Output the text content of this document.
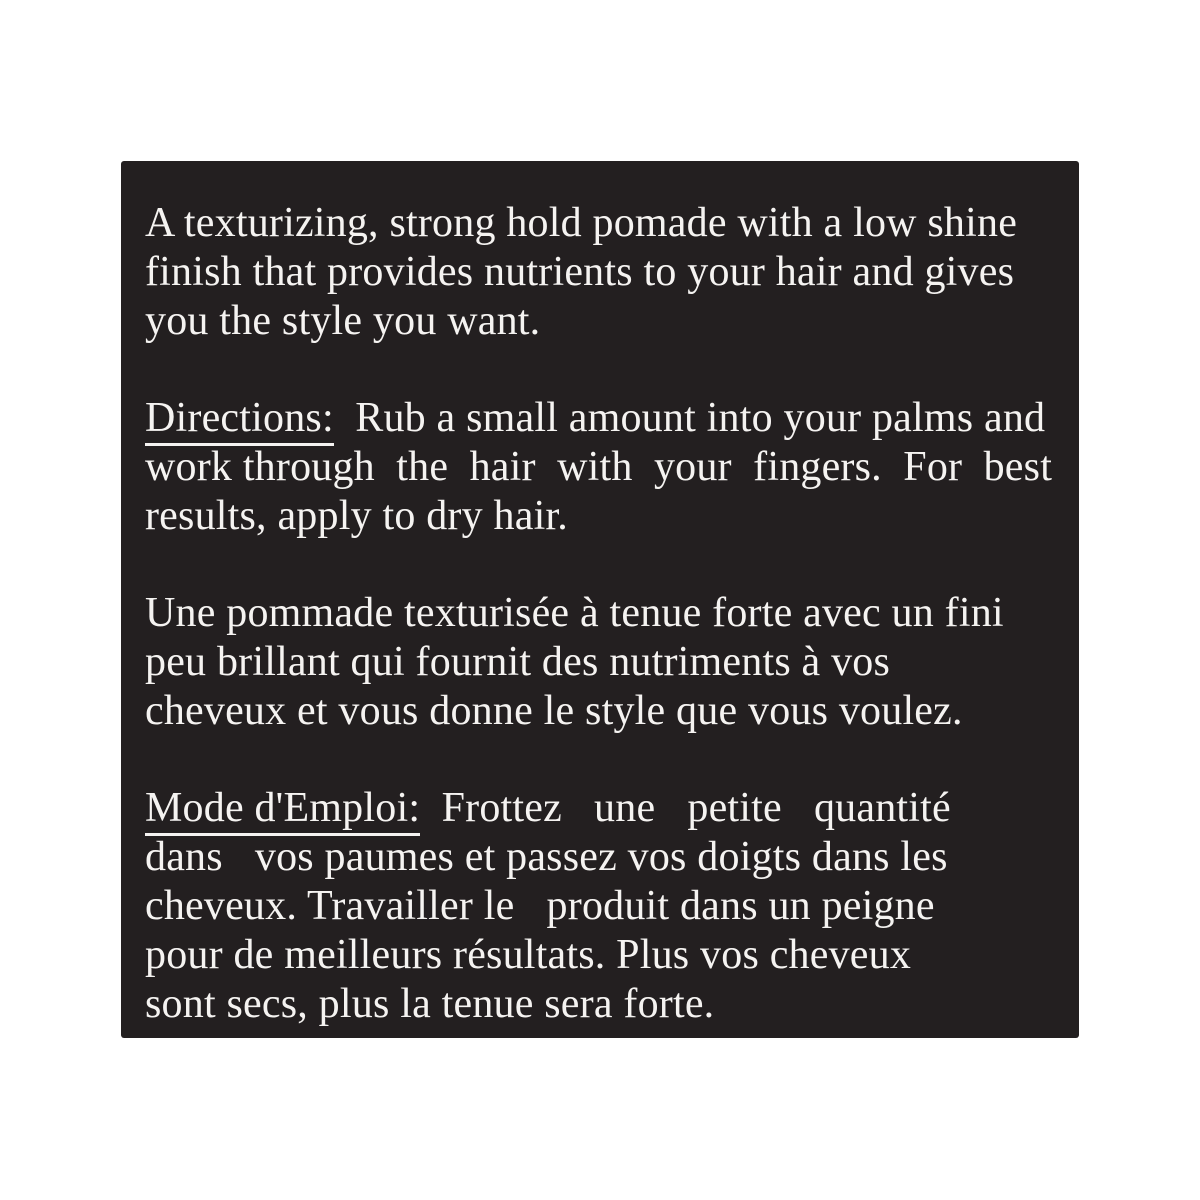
A texturizing, strong hold pomade with a low shine
finish that provides nutrients to your hair and gives
you the style you want.
Directions:  Rub a small amount into your palms and
work through  the  hair  with  your  fingers.  For  best
results, apply to dry hair.
Une pommade texturisée à tenue forte avec un fini
peu brillant qui fournit des nutriments à vos
cheveux et vous donne le style que vous voulez.
Mode d'Emploi:  Frottez   une   petite   quantité
dans   vos paumes et passez vos doigts dans les
cheveux. Travailler le   produit dans un peigne
pour de meilleurs résultats. Plus vos cheveux
sont secs, plus la tenue sera forte.
